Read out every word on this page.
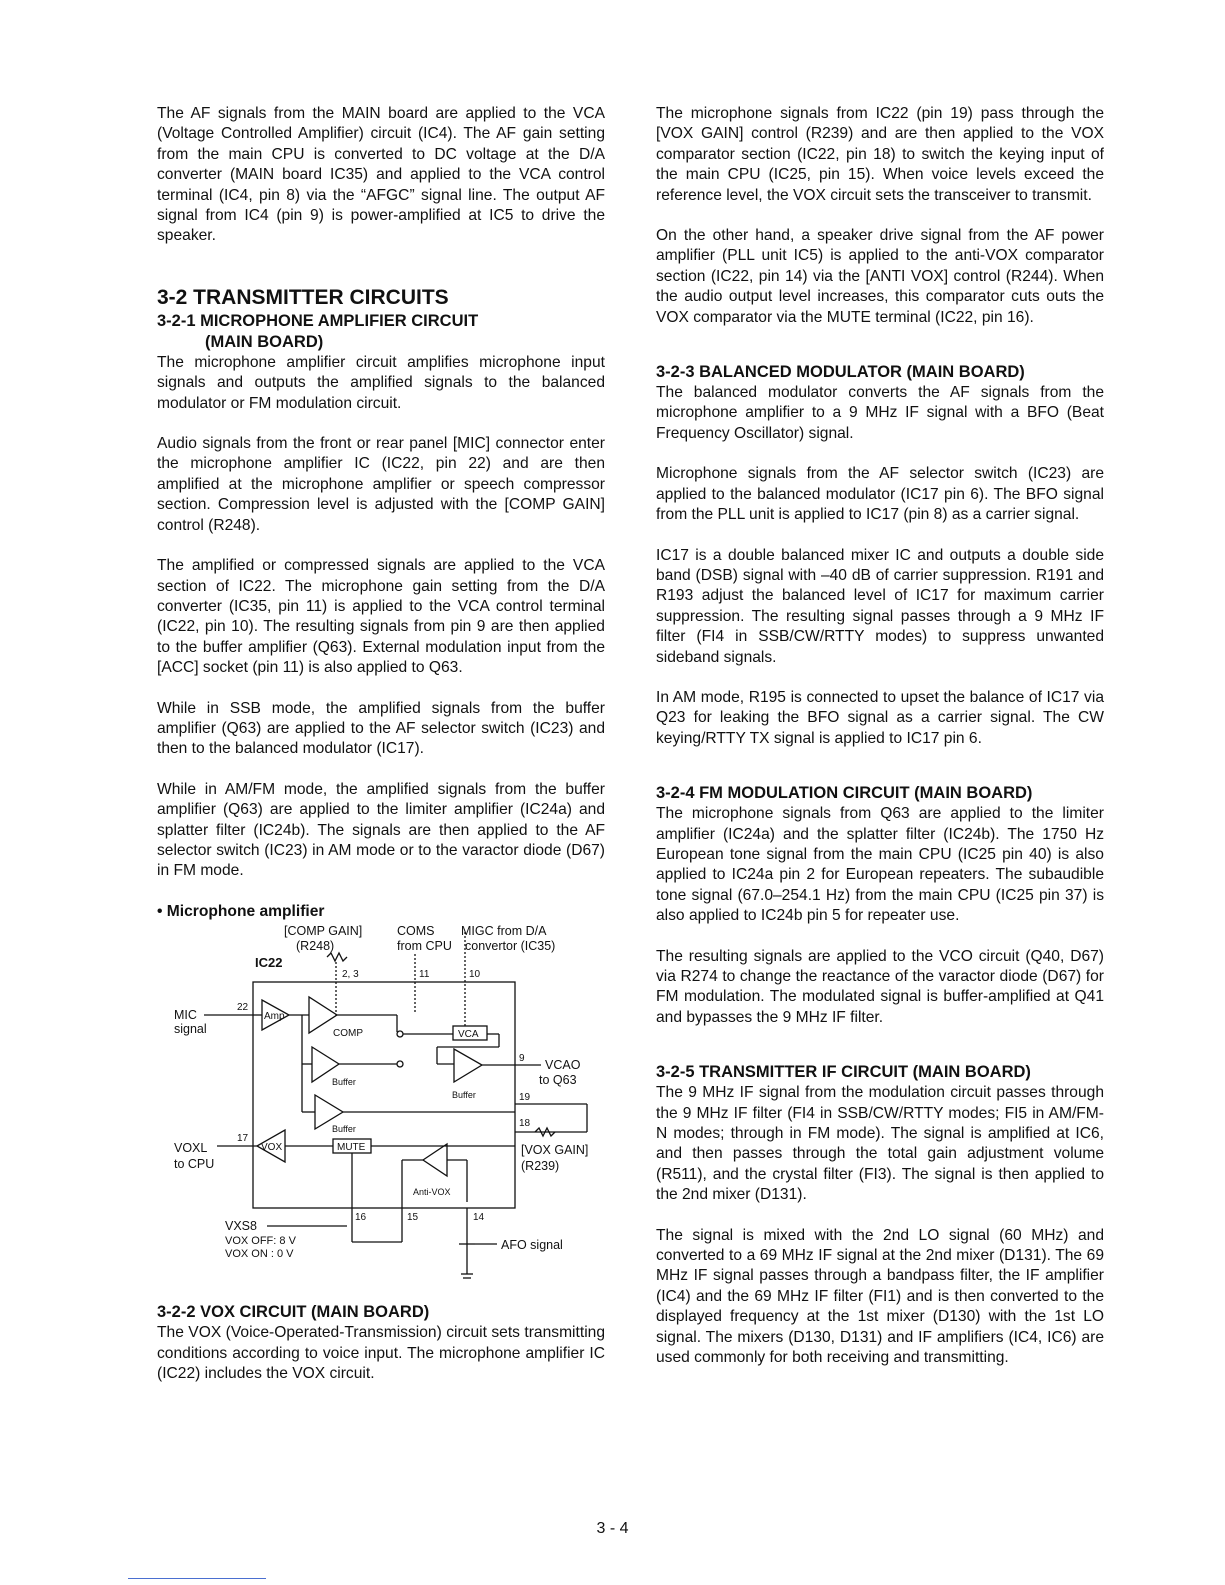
The AF signals from the MAIN board are applied to the VCA (Voltage Controlled Amplifier) circuit (IC4). The AF gain setting from the main CPU is converted to DC voltage at the D/A converter (MAIN board IC35) and applied to the VCA control terminal (IC4, pin 8) via the “AFGC” signal line. The output AF signal from IC4 (pin 9) is power-amplified at IC5 to drive the speaker.

3-2 TRANSMITTER CIRCUITS
3-2-1 MICROPHONE AMPLIFIER CIRCUIT
(MAIN BOARD)

The microphone amplifier circuit amplifies microphone input signals and outputs the amplified signals to the balanced modulator or FM modulation circuit.

Audio signals from the front or rear panel [MIC] connector enter the microphone amplifier IC (IC22, pin 22) and are then amplified at the microphone amplifier or speech compressor section. Compression level is adjusted with the [COMP GAIN] control (R248).

The amplified or compressed signals are applied to the VCA section of IC22. The microphone gain setting from the D/A converter (IC35, pin 11) is applied to the VCA control terminal (IC22, pin 10). The resulting signals from pin 9 are then applied to the buffer amplifier (Q63). External modulation input from the [ACC] socket (pin 11) is also applied to Q63.

While in SSB mode, the amplified signals from the buffer amplifier (Q63) are applied to the AF selector switch (IC23) and then to the balanced modulator (IC17).

While in AM/FM mode, the amplified signals from the buffer amplifier (Q63) are applied to the limiter amplifier (IC24a) and splatter filter (IC24b). The signals are then applied to the AF selector switch (IC23) in AM mode or to the varactor diode (D67) in FM mode.

• Microphone amplifier
[COMP GAIN]
(R248)
COMS
from CPU
MIGC from D/A
convertor (IC35)
IC22
2, 3	11	10
MIC
signal
22
Amp
COMP	VCA
Buffer
Buffer
9 VCAO
to Q63
19
Buffer	18
[VOX GAIN]
(R239)
VOX	MUTE
VOXL
to CPU
17
Anti-VOX
16	15	14
VXS8
VOX OFF: 8 V
VOX ON : 0 V
AFO signal
3-2-2 VOX CIRCUIT (MAIN BOARD)

The VOX (Voice-Operated-Transmission) circuit sets transmitting conditions according to voice input. The microphone amplifier IC (IC22) includes the VOX circuit.

The microphone signals from IC22 (pin 19) pass through the [VOX GAIN] control (R239) and are then applied to the VOX comparator section (IC22, pin 18) to switch the keying input of the main CPU (IC25, pin 15). When voice levels exceed the reference level, the VOX circuit sets the transceiver to transmit.

On the other hand, a speaker drive signal from the AF power amplifier (PLL unit IC5) is applied to the anti-VOX comparator section (IC22, pin 14) via the [ANTI VOX] control (R244). When the audio output level increases, this comparator cuts outs the VOX comparator via the MUTE terminal (IC22, pin 16).

3-2-3 BALANCED MODULATOR (MAIN BOARD)

The balanced modulator converts the AF signals from the microphone amplifier to a 9 MHz IF signal with a BFO (Beat Frequency Oscillator) signal.

Microphone signals from the AF selector switch (IC23) are applied to the balanced modulator (IC17 pin 6). The BFO signal from the PLL unit is applied to IC17 (pin 8) as a carrier signal.

IC17 is a double balanced mixer IC and outputs a double side band (DSB) signal with –40 dB of carrier suppression. R191 and R193 adjust the balanced level of IC17 for maximum carrier suppression. The resulting signal passes through a 9 MHz IF filter (FI4 in SSB/CW/RTTY modes) to suppress unwanted sideband signals.

In AM mode, R195 is connected to upset the balance of IC17 via Q23 for leaking the BFO signal as a carrier signal. The CW keying/RTTY TX signal is applied to IC17 pin 6.

3-2-4 FM MODULATION CIRCUIT (MAIN BOARD)

The microphone signals from Q63 are applied to the limiter amplifier (IC24a) and the splatter filter (IC24b). The 1750 Hz European tone signal from the main CPU (IC25 pin 40) is also applied to IC24a pin 2 for European repeaters. The subaudible tone signal (67.0–254.1 Hz) from the main CPU (IC25 pin 37) is also applied to IC24b pin 5 for repeater use.

The resulting signals are applied to the VCO circuit (Q40, D67) via R274 to change the reactance of the varactor diode (D67) for FM modulation. The modulated signal is buffer-amplified at Q41 and bypasses the 9 MHz IF filter.

3-2-5 TRANSMITTER IF CIRCUIT (MAIN BOARD)

The 9 MHz IF signal from the modulation circuit passes through the 9 MHz IF filter (FI4 in SSB/CW/RTTY modes; FI5 in AM/FM-N modes; through in FM mode). The signal is amplified at IC6, and then passes through the total gain adjustment volume (R511), and the crystal filter (FI3). The signal is then applied to the 2nd mixer (D131).

The signal is mixed with the 2nd LO signal (60 MHz) and converted to a 69 MHz IF signal at the 2nd mixer (D131). The 69 MHz IF signal passes through a bandpass filter, the IF amplifier (IC4) and the 69 MHz IF filter (FI1) and is then converted to the displayed frequency at the 1st mixer (D130) with the 1st LO signal. The mixers (D130, D131) and IF amplifiers (IC4, IC6) are used commonly for both receiving and transmitting.

3 - 4
